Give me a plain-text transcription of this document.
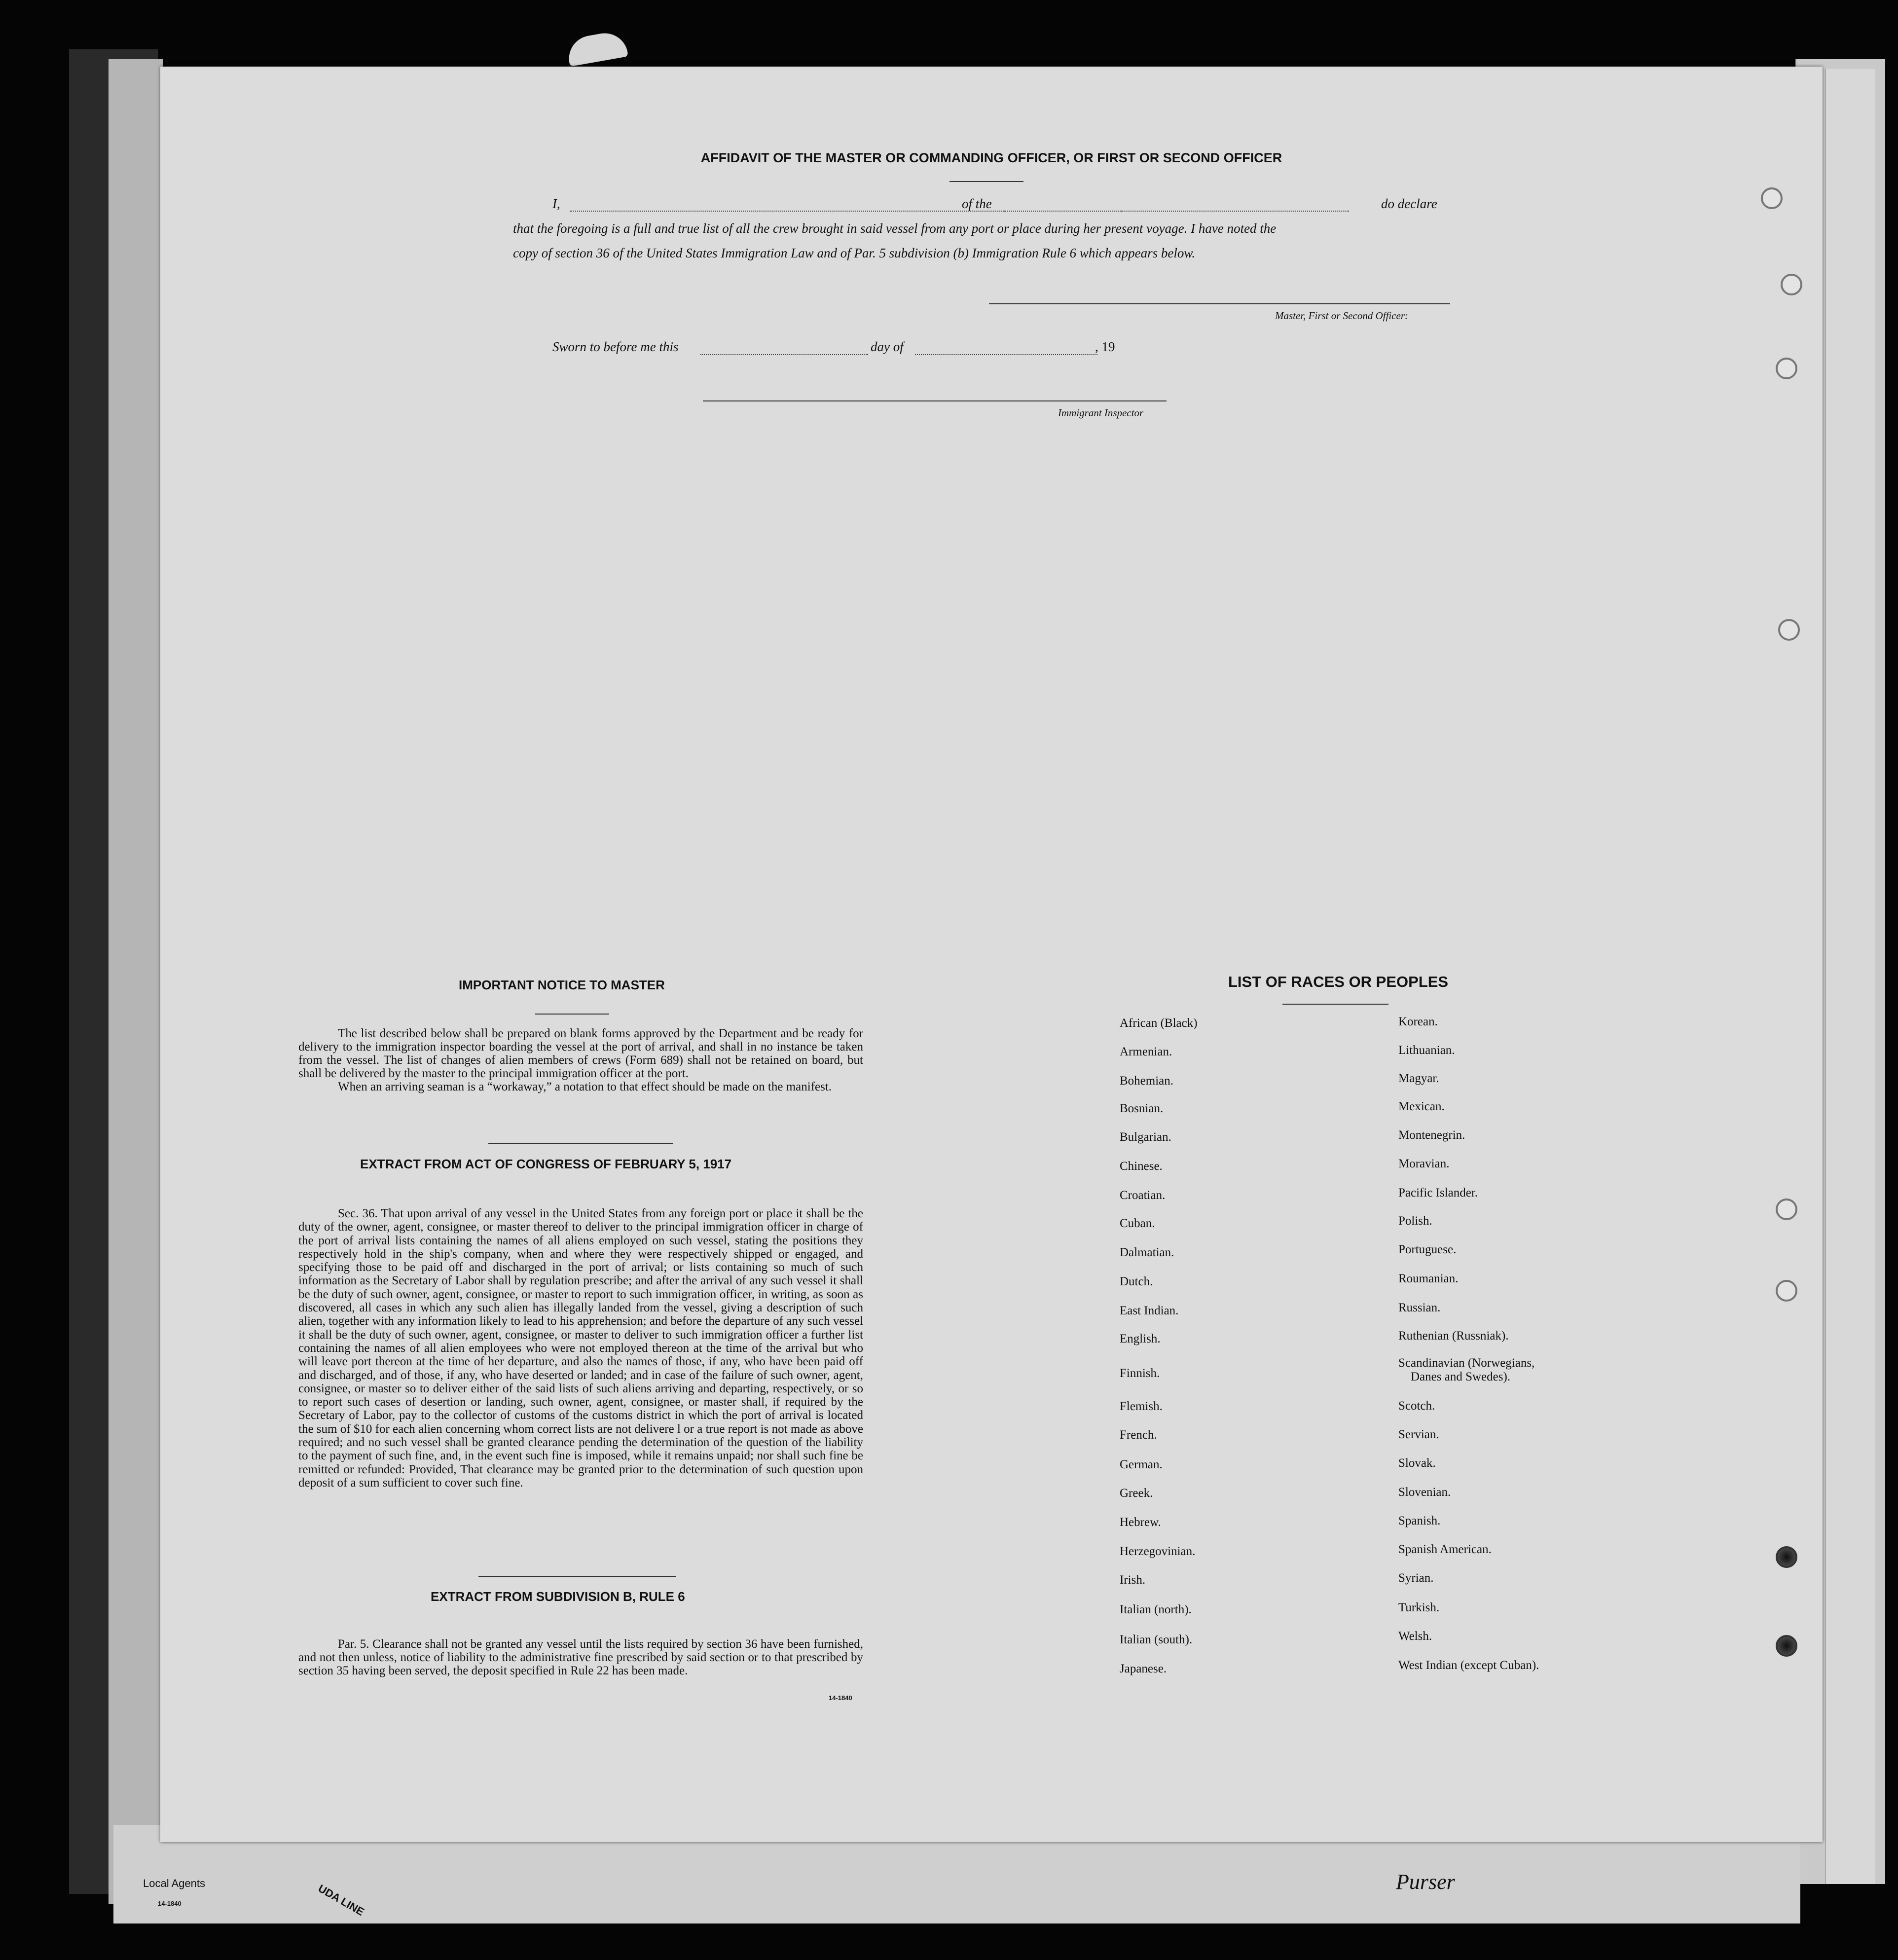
Local Agents
14-1840	UDA LINE
Purser
AFFIDAVIT OF THE MASTER OR COMMANDING OFFICER, OR FIRST OR SECOND OFFICER
I,	of the	do declare
that the foregoing is a full and true list of all the crew brought in said vessel from any port or place during her present voyage. I have noted the
copy of section 36 of the United States Immigration Law and of Par. 5 subdivision (b) Immigration Rule 6 which appears below.
Master, First or Second Officer:
Sworn to before me this	day of	, 19
Immigrant Inspector
IMPORTANT NOTICE TO MASTER

The list described below shall be prepared on blank forms approved by the Department and be ready for delivery to the immigration inspector boarding the vessel at the port of arrival, and shall in no instance be taken from the vessel. The list of changes of alien members of crews (Form 689) shall not be retained on board, but shall be delivered by the master to the principal immigration officer at the port.

When an arriving seaman is a “workaway,” a notation to that effect should be made on the manifest.

EXTRACT FROM ACT OF CONGRESS OF FEBRUARY 5, 1917

Sec. 36. That upon arrival of any vessel in the United States from any foreign port or place it shall be the duty of the owner, agent, consignee, or master thereof to deliver to the principal immigration officer in charge of the port of arrival lists containing the names of all aliens employed on such vessel, stating the positions they respectively hold in the ship's company, when and where they were respectively shipped or engaged, and specifying those to be paid off and discharged in the port of arrival; or lists containing so much of such information as the Secretary of Labor shall by regulation prescribe; and after the arrival of any such vessel it shall be the duty of such owner, agent, consignee, or master to report to such immigration officer, in writing, as soon as discovered, all cases in which any such alien has illegally landed from the vessel, giving a description of such alien, together with any information likely to lead to his apprehension; and before the departure of any such vessel it shall be the duty of such owner, agent, consignee, or master to deliver to such immigration officer a further list containing the names of all alien employees who were not employed thereon at the time of the arrival but who will leave port thereon at the time of her departure, and also the names of those, if any, who have been paid off and discharged, and of those, if any, who have deserted or landed; and in case of the failure of such owner, agent, consignee, or master so to deliver either of the said lists of such aliens arriving and departing, respectively, or so to report such cases of desertion or landing, such owner, agent, consignee, or master shall, if required by the Secretary of Labor, pay to the collector of customs of the customs district in which the port of arrival is located the sum of $10 for each alien concerning whom correct lists are not delivere l or a true report is not made as above required; and no such vessel shall be granted clearance pending the determination of the question of the liability to the payment of such fine, and, in the event such fine is imposed, while it remains unpaid; nor shall such fine be remitted or refunded: Provided, That clearance may be granted prior to the determination of such question upon deposit of a sum sufficient to cover such fine.

EXTRACT FROM SUBDIVISION B, RULE 6

Par. 5. Clearance shall not be granted any vessel until the lists required by section 36 have been furnished, and not then unless, notice of liability to the administrative fine prescribed by said section or to that prescribed by section 35 having been served, the deposit specified in Rule 22 has been made.

14-1840
LIST OF RACES OR PEOPLES
African (Black)
Armenian.
Bohemian.
Bosnian.
Bulgarian.
Chinese.
Croatian.
Cuban.
Dalmatian.
Dutch.
East Indian.
English.
Finnish.
Flemish.
French.
German.
Greek.
Hebrew.
Herzegovinian.
Irish.
Italian (north).
Italian (south).
Japanese.
Korean.
Lithuanian.
Magyar.
Mexican.
Montenegrin.
Moravian.
Pacific Islander.
Polish.
Portuguese.
Roumanian.
Russian.
Ruthenian (Russniak).
Scandinavian (Norwegians,
Danes and Swedes).
Scotch.
Servian.
Slovak.
Slovenian.
Spanish.
Spanish American.
Syrian.
Turkish.
Welsh.
West Indian (except Cuban).
